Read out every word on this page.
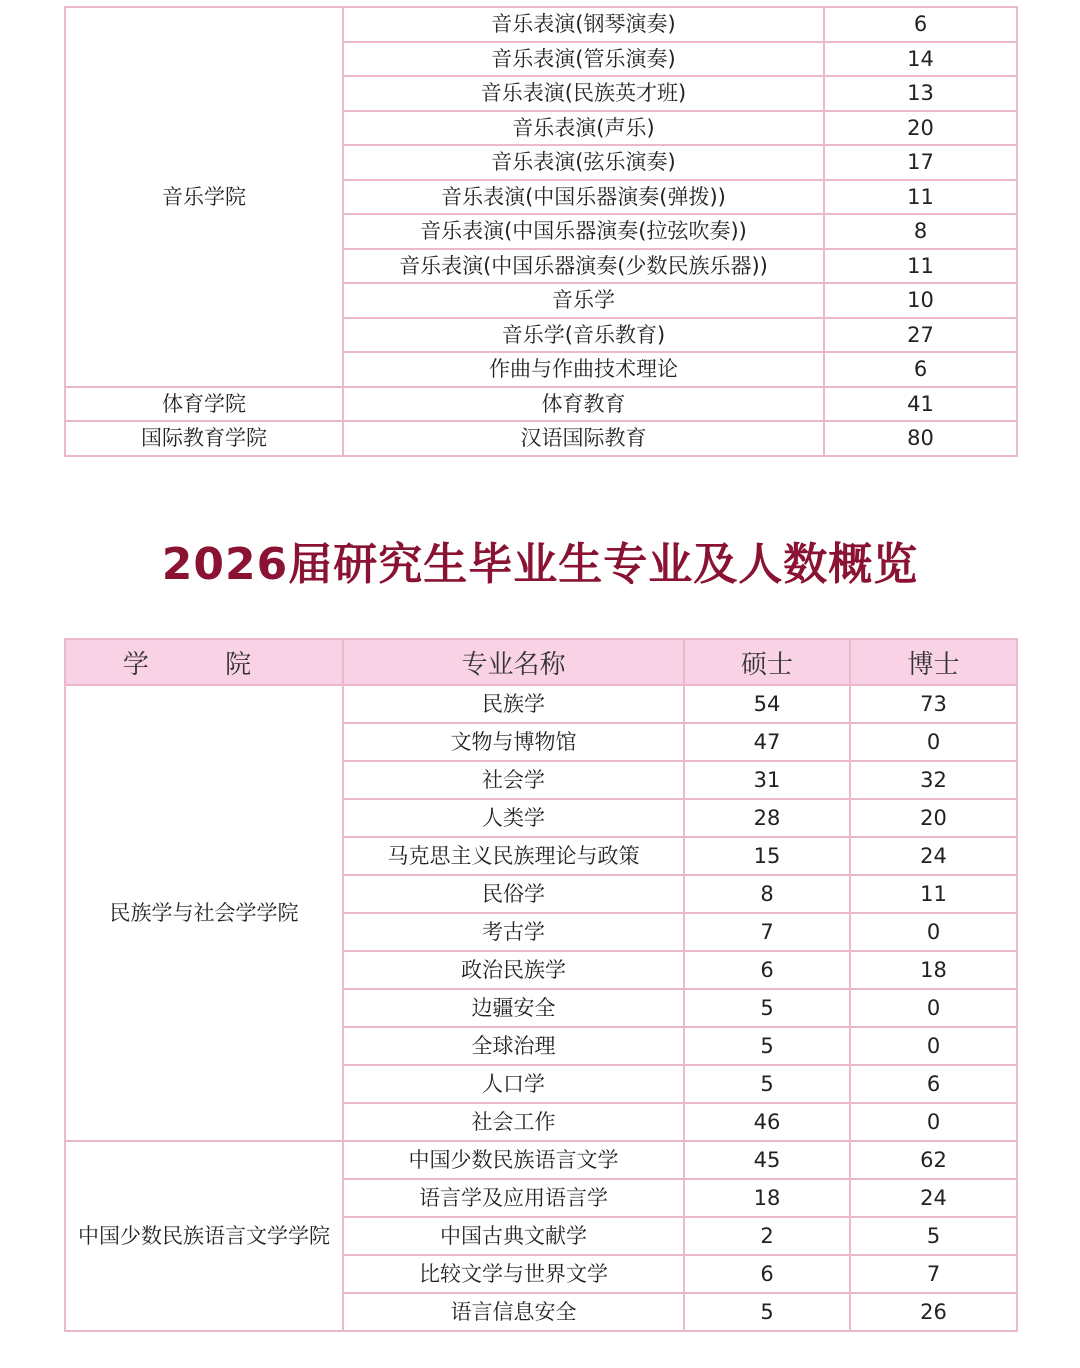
音乐学院	音乐表演(钢琴演奏)	6
	音乐表演(管乐演奏)	14
	音乐表演(民族英才班)	13
	音乐表演(声乐)	20
	音乐表演(弦乐演奏)	17
	音乐表演(中国乐器演奏(弹拨))	11
	音乐表演(中国乐器演奏(拉弦吹奏))	8
	音乐表演(中国乐器演奏(少数民族乐器))	11
	音乐学	10
	音乐学(音乐教育)	27
	作曲与作曲技术理论	6
体育学院	体育教育	41
国际教育学院	汉语国际教育	80
2026届研究生毕业生专业及人数概览
学 院	专业名称	硕士	博士
民族学与社会学学院	民族学	54	73
	文物与博物馆	47	0
	社会学	31	32
	人类学	28	20
	马克思主义民族理论与政策	15	24
	民俗学	8	11
	考古学	7	0
	政治民族学	6	18
	边疆安全	5	0
	全球治理	5	0
	人口学	5	6
	社会工作	46	0
中国少数民族语言文学学院	中国少数民族语言文学	45	62
	语言学及应用语言学	18	24
	中国古典文献学	2	5
	比较文学与世界文学	6	7
	语言信息安全	5	26
